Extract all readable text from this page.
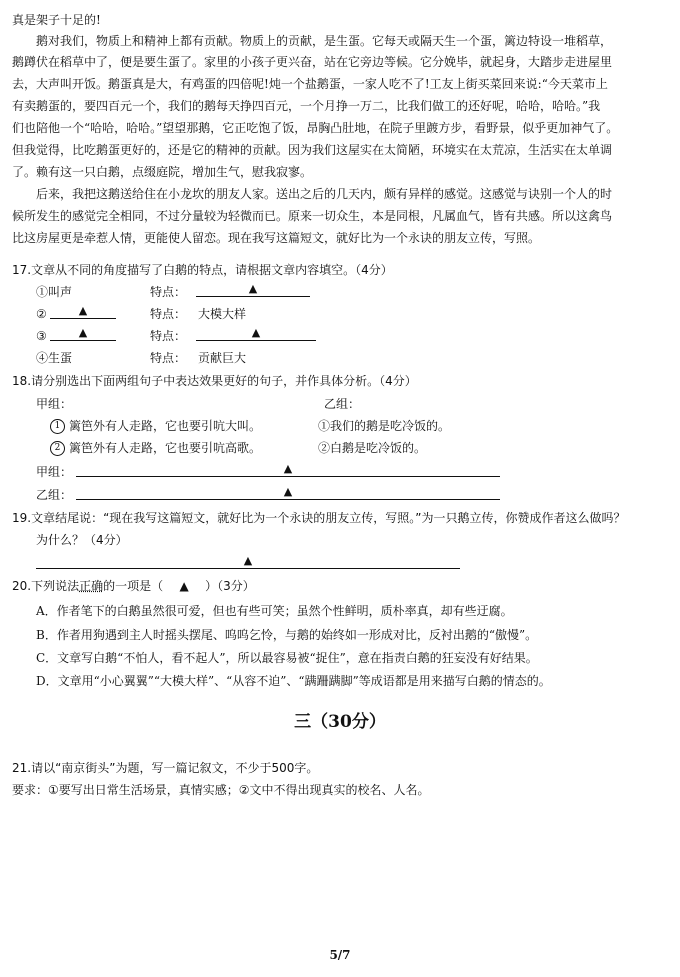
真是架子十足的!
鹅对我们，物质上和精神上都有贡献。物质上的贡献，是生蛋。它每天或隔天生一个蛋，篱边特设一堆稻草，
鹅蹲伏在稻草中了，便是要生蛋了。家里的小孩子更兴奋，站在它旁边等候。它分娩毕，就起身，大踏步走进屋里
去，大声叫开饭。鹅蛋真是大，有鸡蛋的四倍呢!炖一个盐鹅蛋，一家人吃不了!工友上街买菜回来说:“今天菜市上
有卖鹅蛋的，要四百元一个，我们的鹅每天挣四百元，一个月挣一万二，比我们做工的还好呢，哈哈，哈哈。”我
们也陪他一个“哈哈，哈哈。”望望那鹅，它正吃饱了饭，昂胸凸肚地，在院子里踱方步，看野景，似乎更加神气了。
但我觉得，比吃鹅蛋更好的，还是它的精神的贡献。因为我们这屋实在太简陋，环境实在太荒凉，生活实在太单调
了。赖有这一只白鹅，点缀庭院，增加生气，慰我寂寥。
后来，我把这鹅送给住在小龙坎的朋友人家。送出之后的几天内，颇有异样的感觉。这感觉与诀别一个人的时
候所发生的感觉完全相同，不过分量较为轻微而已。原来一切众生，本是同根，凡属血气，皆有共感。所以这禽鸟
比这房屋更是牵惹人情，更能使人留恋。现在我写这篇短文，就好比为一个永诀的朋友立传，写照。
17.文章从不同的角度描写了白鹅的特点，请根据文章内容填空。（4分）
①叫声	特点：	▲
②	▲	特点： 大模大样
③	▲	特点：	▲
④生蛋	特点： 贡献巨大
18.请分别选出下面两组句子中表达效果更好的句子，并作具体分析。（4分）
甲组：	乙组：
1 篱笆外有人走路，它也要引吭大叫。	①我们的鹅是吃冷饭的。
2 篱笆外有人走路，它也要引吭高歌。	②白鹅是吃冷饭的。
甲组：	▲
乙组：	▲
19.文章结尾说：“现在我写这篇短文，就好比为一个永诀的朋友立传，写照。”为一只鹅立传，你赞成作者这么做吗？
为什么？（4分）
▲
20.下列说法正确的一项是（ ▲ ）（3分）
A．作者笔下的白鹅虽然很可爱，但也有些可笑；虽然个性鲜明，质朴率真，却有些迂腐。
B．作者用狗遇到主人时摇头摆尾、呜呜乞怜，与鹅的始终如一形成对比，反衬出鹅的“傲慢”。
C．文章写白鹅“不怕人，看不起人”，所以最容易被“捉住”，意在指责白鹅的狂妄没有好结果。
D．文章用“小心翼翼”“大模大样”、“从容不迫”、“蹒跚蹒脚”等成语都是用来描写白鹅的情态的。
三（30分）
21.请以“南京街头”为题，写一篇记叙文，不少于500字。
要求：①要写出日常生活场景，真情实感；②文中不得出现真实的校名、人名。
5/7
